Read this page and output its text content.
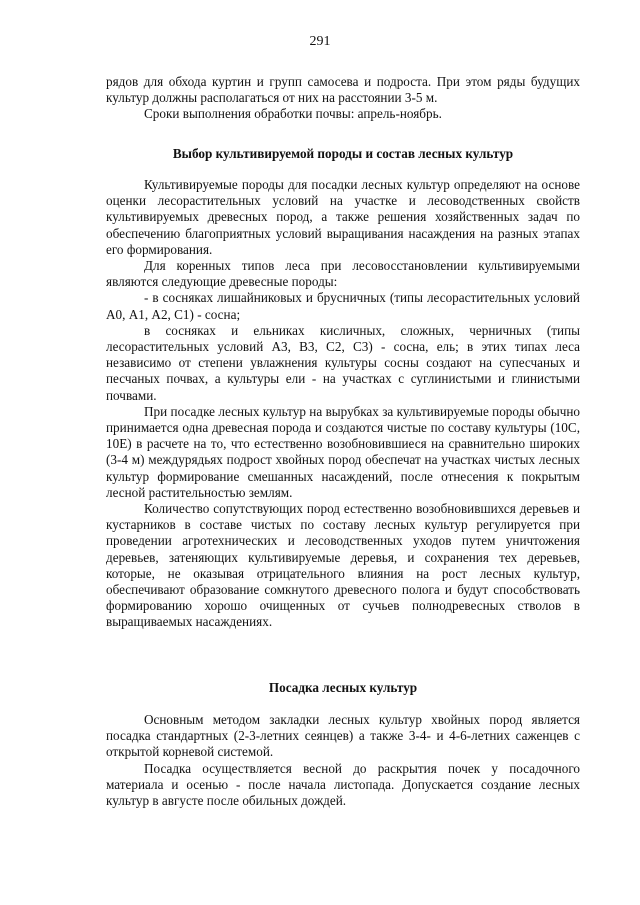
291

рядов для обхода куртин и групп самосева и подроста. При этом ряды будущих культур должны располагаться от них на расстоянии 3-5 м.

Сроки выполнения обработки почвы: апрель-ноябрь.

Выбор культивируемой породы и состав лесных культур

Культивируемые породы для посадки лесных культур определяют на основе оценки лесорастительных условий на участке и лесоводственных свойств культивируемых древесных пород, а также решения хозяйственных задач по обеспечению благоприятных условий выращивания насаждения на разных этапах его формирования.

Для коренных типов леса при лесовосстановлении культивируемыми являются следующие древесные породы:

- в сосняках лишайниковых и брусничных (типы лесорастительных условий А0, А1, А2, С1) - сосна;

в сосняках и ельниках кисличных, сложных, черничных (типы лесорастительных условий А3, В3, С2, С3) - сосна, ель; в этих типах леса независимо от степени увлажнения культуры сосны создают на супесчаных и песчаных почвах, а культуры ели - на участках с суглинистыми и глинистыми почвами.

При посадке лесных культур на вырубках за культивируемые породы обычно принимается одна древесная порода и создаются чистые по составу культуры (10С, 10Е) в расчете на то, что естественно возобновившиеся на сравнительно широких (3-4 м) междурядьях подрост хвойных пород обеспечат на участках чистых лесных культур формирование смешанных насаждений, после отнесения к покрытым лесной растительностью землям.

Количество сопутствующих пород естественно возобновившихся деревьев и кустарников в составе чистых по составу лесных культур регулируется при проведении агротехнических и лесоводственных уходов путем уничтожения деревьев, затеняющих культивируемые деревья, и сохранения тех деревьев, которые, не оказывая отрицательного влияния на рост лесных культур, обеспечивают образование сомкнутого древесного полога и будут способствовать формированию хорошо очищенных от сучьев полнодревесных стволов в выращиваемых насаждениях.

Посадка лесных культур

Основным методом закладки лесных культур хвойных пород является посадка стандартных (2-3-летних сеянцев) а также 3-4- и 4-6-летних саженцев с открытой корневой системой.

Посадка осуществляется весной до раскрытия почек у посадочного материала и осенью - после начала листопада. Допускается создание лесных культур в августе после обильных дождей.
